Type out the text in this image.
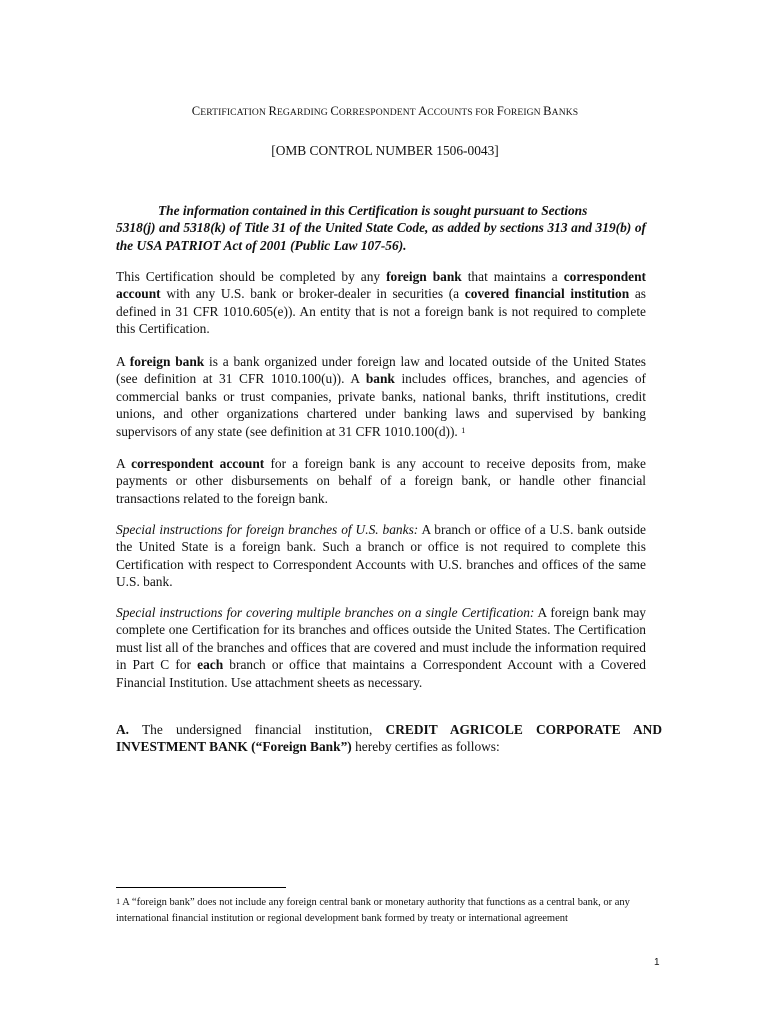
CERTIFICATION REGARDING CORRESPONDENT ACCOUNTS FOR FOREIGN BANKS
[OMB CONTROL NUMBER 1506-0043]
The information contained in this Certification is sought pursuant to Sections
5318(j) and 5318(k) of Title 31 of the United State Code, as added by sections 313 and 319(b) of the USA PATRIOT Act of 2001 (Public Law 107-56).
This Certification should be completed by any foreign bank that maintains a correspondent account with any U.S. bank or broker-dealer in securities (a covered financial institution as defined in 31 CFR 1010.605(e)). An entity that is not a foreign bank is not required to complete this Certification.
A foreign bank is a bank organized under foreign law and located outside of the United States (see definition at 31 CFR 1010.100(u)). A bank includes offices, branches, and agencies of commercial banks or trust companies, private banks, national banks, thrift institutions, credit unions, and other organizations chartered under banking laws and supervised by banking supervisors of any state (see definition at 31 CFR 1010.100(d)). $^1$
A correspondent account for a foreign bank is any account to receive deposits from, make payments or other disbursements on behalf of a foreign bank, or handle other financial transactions related to the foreign bank.
Special instructions for foreign branches of U.S. banks: A branch or office of a U.S. bank outside the United State is a foreign bank. Such a branch or office is not required to complete this Certification with respect to Correspondent Accounts with U.S. branches and offices of the same U.S. bank.
Special instructions for covering multiple branches on a single Certification: A foreign bank may complete one Certification for its branches and offices outside the United States. The Certification must list all of the branches and offices that are covered and must include the information required in Part C for each branch or office that maintains a Correspondent Account with a Covered Financial Institution. Use attachment sheets as necessary.
A. The undersigned financial institution, CREDIT AGRICOLE CORPORATE AND INVESTMENT BANK (“Foreign Bank”) hereby certifies as follows:
$^1$ A “foreign bank” does not include any foreign central bank or monetary authority that functions as a central bank, or any international financial institution or regional development bank formed by treaty or international agreement
1
